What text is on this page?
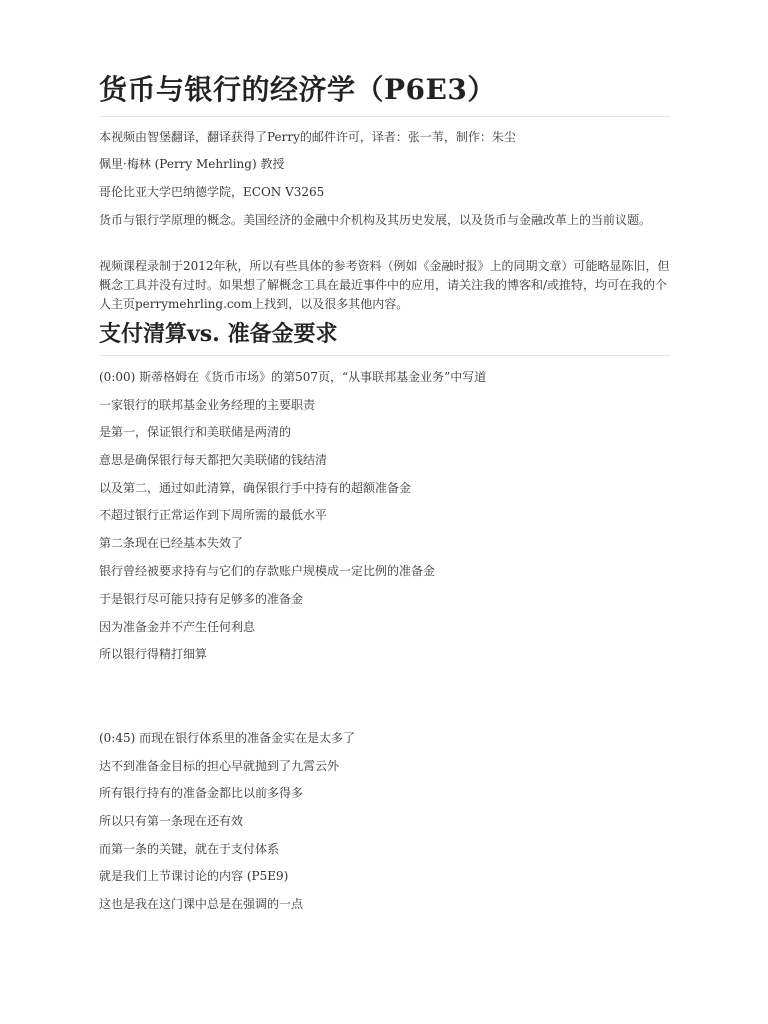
货币与银行的经济学（P6E3）

本视频由智堡翻译，翻译获得了Perry的邮件许可，译者：张一苇，制作：朱尘

佩里·梅林 (Perry Mehrling) 教授

哥伦比亚大学巴纳德学院，ECON V3265

货币与银行学原理的概念。美国经济的金融中介机构及其历史发展，以及货币与金融改革上的当前议题。

视频课程录制于2012年秋，所以有些具体的参考资料（例如《金融时报》上的同期文章）可能略显陈旧，但概念工具并没有过时。如果想了解概念工具在最近事件中的应用，请关注我的博客和/或推特，均可在我的个人主页perrymehrling.com上找到，以及很多其他内容。

支付清算vs. 准备金要求

(0:00) 斯蒂格姆在《货币市场》的第507页，“从事联邦基金业务”中写道

一家银行的联邦基金业务经理的主要职责

是第一，保证银行和美联储是两清的

意思是确保银行每天都把欠美联储的钱结清

以及第二，通过如此清算，确保银行手中持有的超额准备金

不超过银行正常运作到下周所需的最低水平

第二条现在已经基本失效了

银行曾经被要求持有与它们的存款账户规模成一定比例的准备金

于是银行尽可能只持有足够多的准备金

因为准备金并不产生任何利息

所以银行得精打细算

(0:45) 而现在银行体系里的准备金实在是太多了

达不到准备金目标的担心早就抛到了九霄云外

所有银行持有的准备金都比以前多得多

所以只有第一条现在还有效

而第一条的关键，就在于支付体系

就是我们上节课讨论的内容 (P5E9)

这也是我在这门课中总是在强调的一点
